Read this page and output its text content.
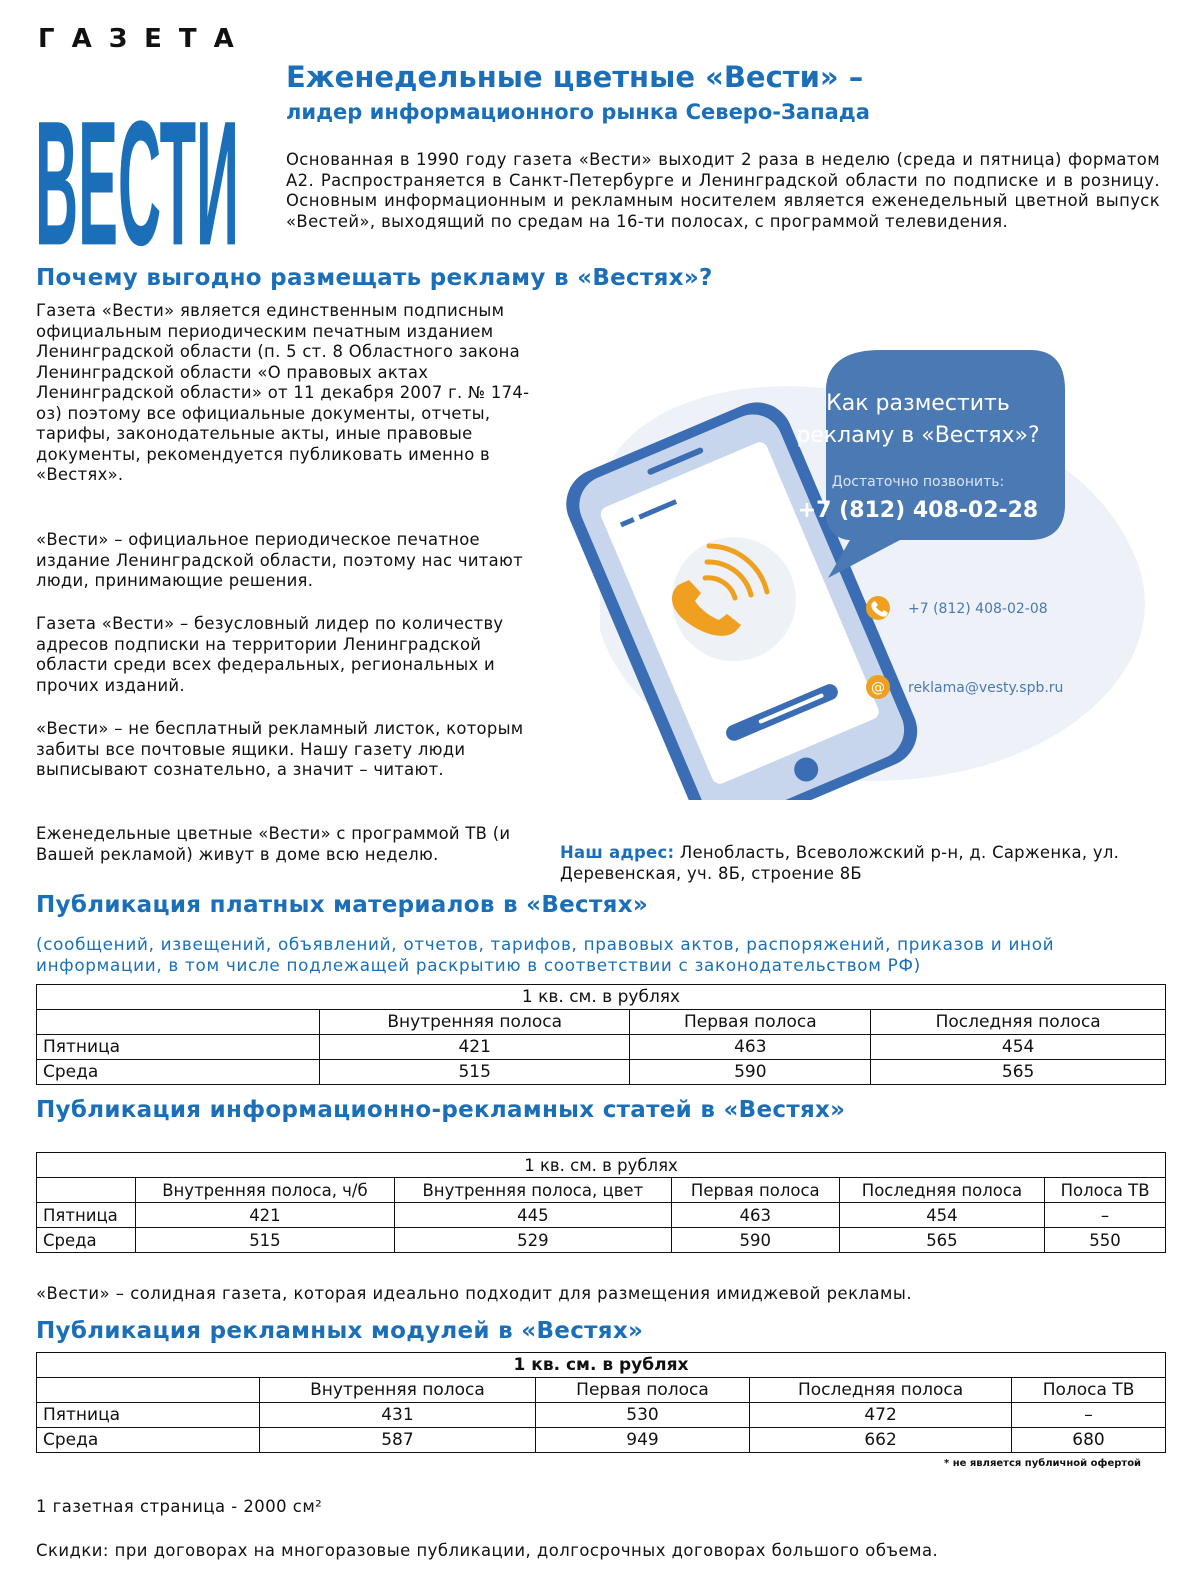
ГАЗЕТА
ВЕСТИ
Еженедельные цветные «Вести» –
лидер информационного рынка Северо-Запада
Основанная в 1990 году газета «Вести» выходит 2 раза в неделю (среда и пятница) форматом А2. Распространяется в Санкт-Петербурге и Ленинградской области по подписке и в розницу. Основным информационным и рекламным носителем является еженедельный цветной выпуск «Вестей», выходящий по средам на 16-ти полосах, с программой телевидения.
Почему выгодно размещать рекламу в «Вестях»?
Газета «Вести» является единственным подписным официальным периодическим печатным изданием Ленинградской области (п. 5 ст. 8 Областного закона Ленинградской области «О правовых актах Ленинградской области» от 11 декабря 2007 г. № 174-оз) поэтому все официальные документы, отчеты, тарифы, законодательные акты, иные правовые документы, рекомендуется публиковать именно в «Вестях».
«Вести» – официальное периодическое печатное издание Ленинградской области, поэтому нас читают люди, принимающие решения.
Газета «Вести» – безусловный лидер по количеству адресов подписки на территории Ленинградской области среди всех федеральных, региональных и прочих изданий.
«Вести» – не бесплатный рекламный листок, которым забиты все почтовые ящики. Нашу газету люди выписывают сознательно, а значит – читают.
Еженедельные цветные «Вести» с программой ТВ (и Вашей рекламой) живут в доме всю неделю.
Как разместить
рекламу в «Вестях»?
Достаточно позвонить:
+7 (812) 408-02-28
+7 (812) 408-02-08
@ reklama@vesty.spb.ru
Наш адрес: Ленобласть, Всеволожский р-н, д. Сарженка, ул. Деревенская, уч. 8Б, строение 8Б
Публикация платных материалов в «Вестях»
(сообщений, извещений, объявлений, отчетов, тарифов, правовых актов, распоряжений, приказов и иной информации, в том числе подлежащей раскрытию в соответствии с законодательством РФ)
1 кв. см. в рублях			
	Внутренняя полоса	Первая полоса	Последняя полоса
Пятница	421	463	454
Среда	515	590	565
Публикация информационно-рекламных статей в «Вестях»
1 кв. см. в рублях					
	Внутренняя полоса, ч/б	Внутренняя полоса, цвет	Первая полоса	Последняя полоса	Полоса ТВ
Пятница	421	445	463	454	–
Среда	515	529	590	565	550
«Вести» – солидная газета, которая идеально подходит для размещения имиджевой рекламы.
Публикация рекламных модулей в «Вестях»
1 кв. см. в рублях				
	Внутренняя полоса	Первая полоса	Последняя полоса	Полоса ТВ
Пятница	431	530	472	–
Среда	587	949	662	680
* не является публичной офертой
1 газетная страница - 2000 см²
Скидки: при договорах на многоразовые публикации, долгосрочных договорах большого объема.
